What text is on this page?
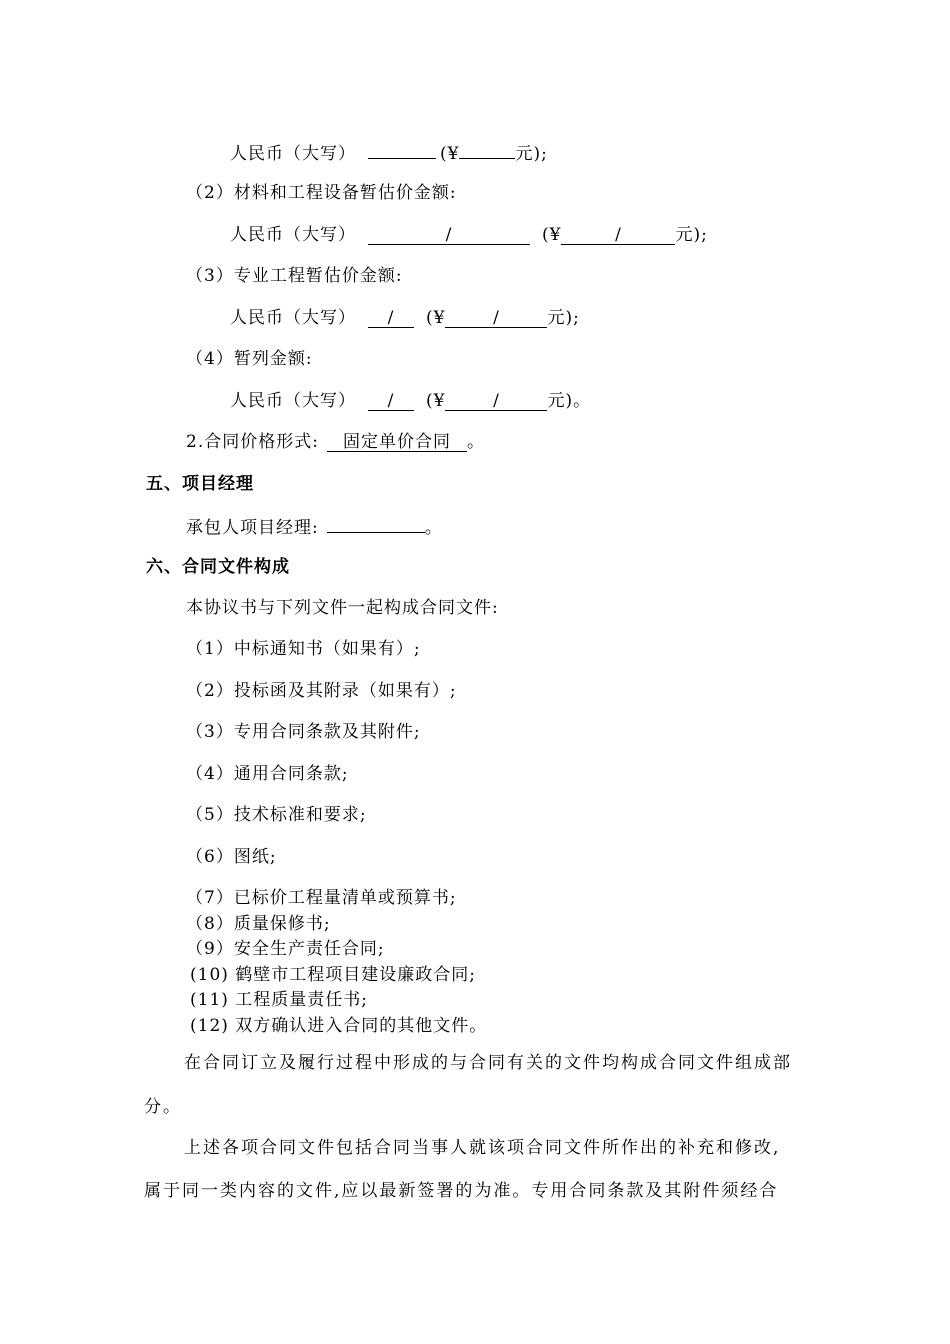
人民币（大写）	(¥	元);
（2）材料和工程设备暂估价金额:
人民币（大写）	/	(¥	/	元);
（3）专业工程暂估价金额:
人民币（大写） / (¥	/	元);
（4）暂列金额:
人民币（大写） / (¥	/	元)。
2.合同价格形式: 固定单价合同 。
五、项目经理
承包人项目经理:	。
六、合同文件构成
本协议书与下列文件一起构成合同文件:
（1）中标通知书（如果有）;
（2）投标函及其附录（如果有）;
（3）专用合同条款及其附件;
（4）通用合同条款;
（5）技术标准和要求;
（6）图纸;
（7）已标价工程量清单或预算书;
（8）质量保修书;
（9）安全生产责任合同;
(10) 鹤壁市工程项目建设廉政合同;
(11) 工程质量责任书;
(12) 双方确认进入合同的其他文件。
在合同订立及履行过程中形成的与合同有关的文件均构成合同文件组成部
分。
上述各项合同文件包括合同当事人就该项合同文件所作出的补充和修改,
属于同一类内容的文件,应以最新签署的为准。专用合同条款及其附件须经合
